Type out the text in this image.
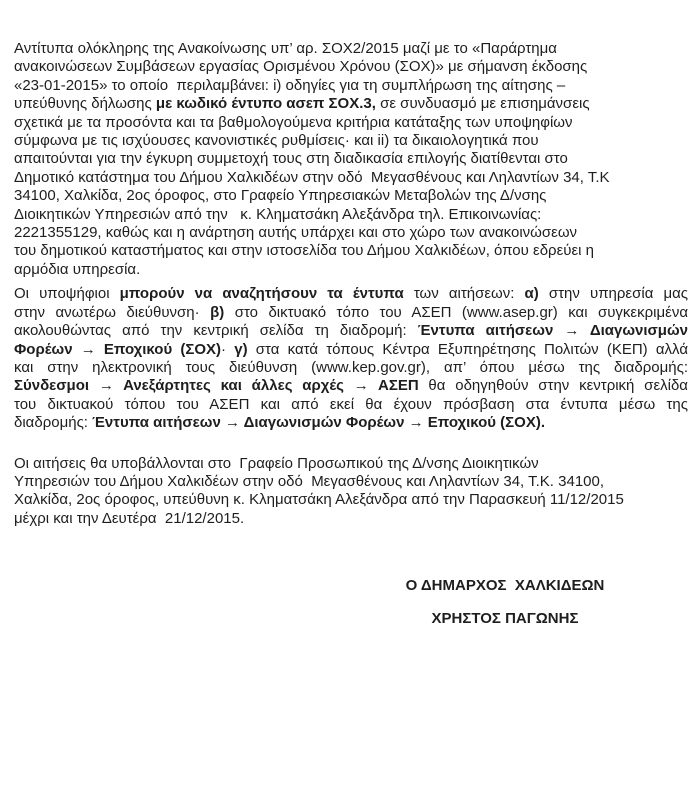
Αντίτυπα ολόκληρης της Ανακοίνωσης υπ’ αρ. ΣΟΧ2/2015 μαζί με το «Παράρτημα
ανακοινώσεων Συμβάσεων εργασίας Ορισμένου Χρόνου (ΣΟΧ)» με σήμανση έκδοσης
«23-01-2015» το οποίο  περιλαμβάνει: i) οδηγίες για τη συμπλήρωση της αίτησης –
υπεύθυνης δήλωσης με κωδικό έντυπο ασεπ ΣΟΧ.3, σε συνδυασμό με επισημάνσεις
σχετικά με τα προσόντα και τα βαθμολογούμενα κριτήρια κατάταξης των υποψηφίων
σύμφωνα με τις ισχύουσες κανονιστικές ρυθμίσεις· και ii) τα δικαιολογητικά που
απαιτούνται για την έγκυρη συμμετοχή τους στη διαδικασία επιλογής διατίθενται στο
Δημοτικό κατάστημα του Δήμου Χαλκιδέων στην οδό  Μεγασθένους και Ληλαντίων 34, Τ.Κ
34100, Χαλκίδα, 2ος όροφος, στο Γραφείο Υπηρεσιακών Μεταβολών της Δ/νσης
Διοικητικών Υπηρεσιών από την   κ. Κληματσάκη Αλεξάνδρα τηλ. Επικοινωνίας:
2221355129, καθώς και η ανάρτηση αυτής υπάρχει και στο χώρο των ανακοινώσεων
του δημοτικού καταστήματος και στην ιστοσελίδα του Δήμου Χαλκιδέων, όπου εδρεύει η
αρμόδια υπηρεσία.
Οι υποψήφιοι μπορούν να αναζητήσουν τα έντυπα των αιτήσεων: α) στην υπηρεσία μας
στην ανωτέρω διεύθυνση· β) στο δικτυακό τόπο του ΑΣΕΠ (www.asep.gr) και συγκεκριμένα
ακολουθώντας από την κεντρική σελίδα τη διαδρομή: Έντυπα αιτήσεων → Διαγωνισμών
Φορέων → Εποχικού (ΣΟΧ)· γ) στα κατά τόπους Κέντρα Εξυπηρέτησης Πολιτών (ΚΕΠ) αλλά
και στην ηλεκτρονική τους διεύθυνση (www.kep.gov.gr), απ’ όπου μέσω της διαδρομής:
Σύνδεσμοι → Ανεξάρτητες και άλλες αρχές → ΑΣΕΠ θα οδηγηθούν στην κεντρική σελίδα
του δικτυακού τόπου του ΑΣΕΠ και από εκεί θα έχουν πρόσβαση στα έντυπα μέσω της
διαδρομής: Έντυπα αιτήσεων → Διαγωνισμών Φορέων → Εποχικού (ΣΟΧ).
Οι αιτήσεις θα υποβάλλονται στο  Γραφείο Προσωπικού της Δ/νσης Διοικητικών
Υπηρεσιών του Δήμου Χαλκιδέων στην οδό  Μεγασθένους και Ληλαντίων 34, Τ.Κ. 34100,
Χαλκίδα, 2ος όροφος, υπεύθυνη κ. Κληματσάκη Αλεξάνδρα από την Παρασκευή 11/12/2015
μέχρι και την Δευτέρα  21/12/2015.
Ο ΔΗΜΑΡΧΟΣ  ΧΑΛΚΙΔΕΩΝ
ΧΡΗΣΤΟΣ ΠΑΓΩΝΗΣ
